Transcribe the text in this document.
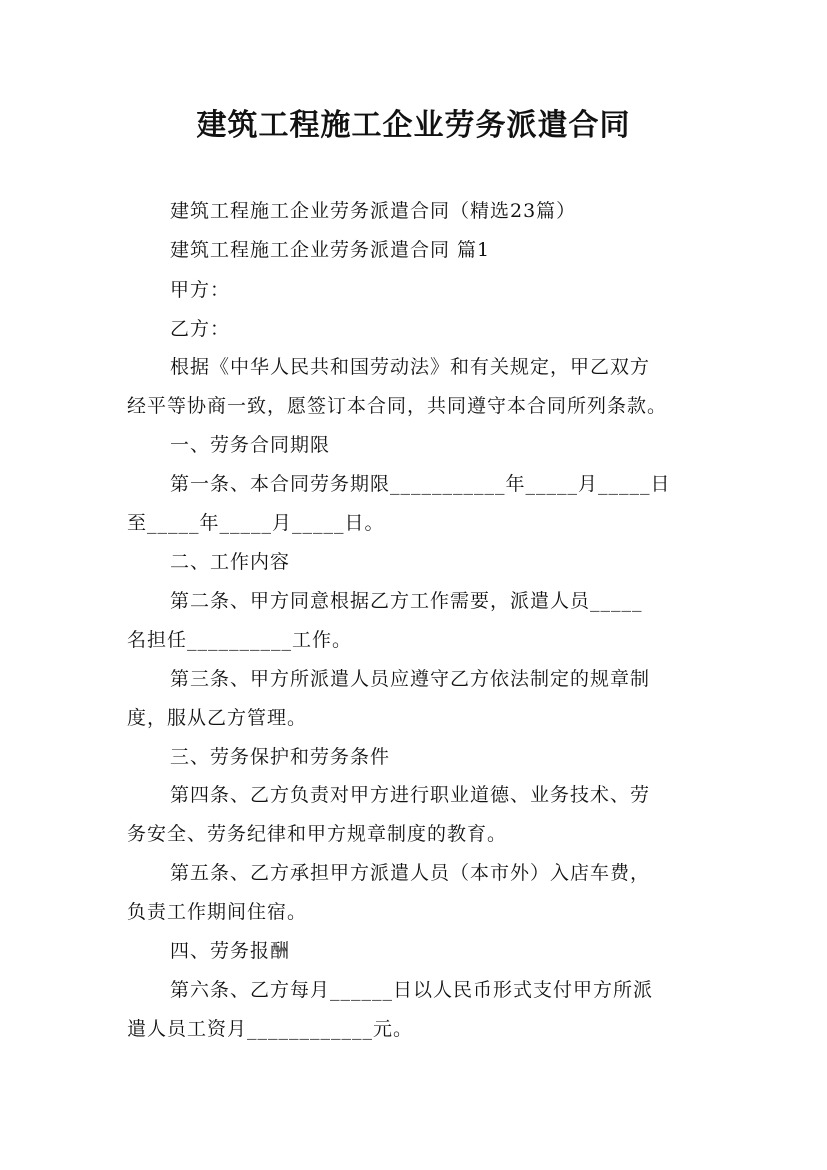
建筑工程施工企业劳务派遣合同
建筑工程施工企业劳务派遣合同（精选23篇）
建筑工程施工企业劳务派遣合同 篇1
甲方：
乙方：
根据《中华人民共和国劳动法》和有关规定，甲乙双方
经平等协商一致，愿签订本合同，共同遵守本合同所列条款。
一、劳务合同期限
第一条、本合同劳务期限___________年_____月_____日
至_____年_____月_____日。
二、工作内容
第二条、甲方同意根据乙方工作需要，派遣人员_____
名担任__________工作。
第三条、甲方所派遣人员应遵守乙方依法制定的规章制
度，服从乙方管理。
三、劳务保护和劳务条件
第四条、乙方负责对甲方进行职业道德、业务技术、劳
务安全、劳务纪律和甲方规章制度的教育。
第五条、乙方承担甲方派遣人员（本市外）入店车费，
负责工作期间住宿。
四、劳务报酬
第六条、乙方每月______日以人民币形式支付甲方所派
遣人员工资月____________元。
